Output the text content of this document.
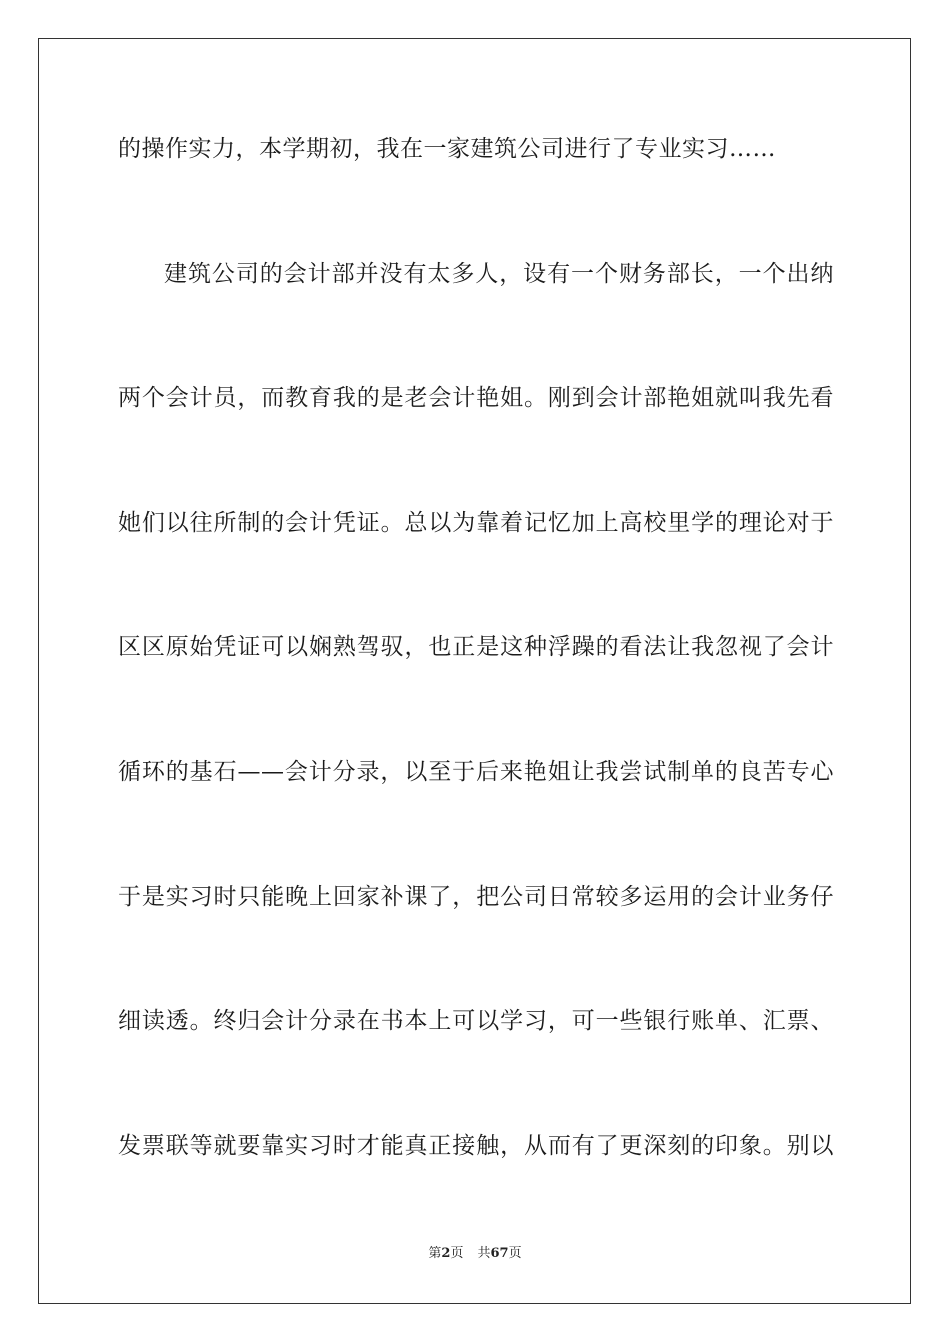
的操作实力，本学期初，我在一家建筑公司进行了专业实习……
建筑公司的会计部并没有太多人，设有一个财务部长，一个出纳
两个会计员，而教育我的是老会计艳姐。刚到会计部艳姐就叫我先看
她们以往所制的会计凭证。总以为靠着记忆加上高校里学的理论对于
区区原始凭证可以娴熟驾驭，也正是这种浮躁的看法让我忽视了会计
循环的基石——会计分录，以至于后来艳姐让我尝试制单的良苦专心
于是实习时只能晚上回家补课了，把公司日常较多运用的会计业务仔
细读透。终归会计分录在书本上可以学习，可一些银行账单、汇票、
发票联等就要靠实习时才能真正接触，从而有了更深刻的印象。别以
第2页 共67页
